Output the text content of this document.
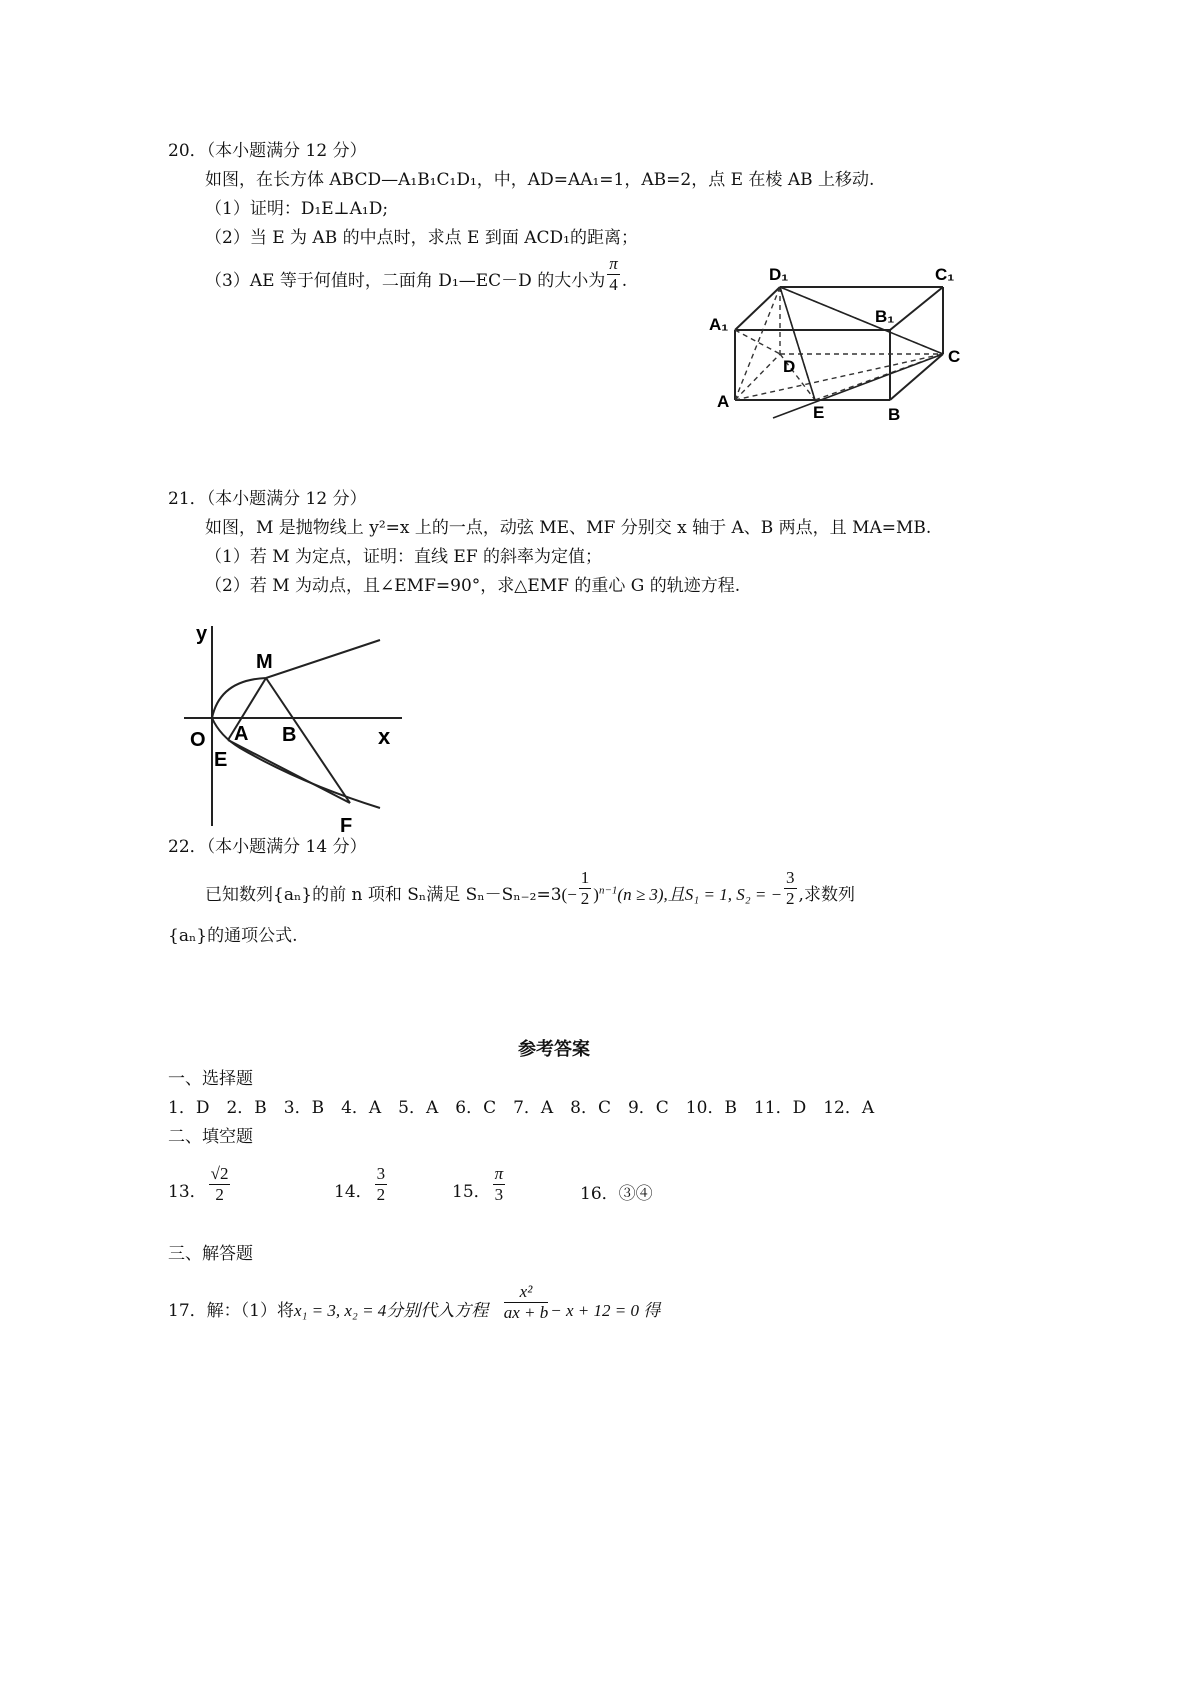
20．（本小题满分 12 分）
如图，在长方体 ABCD—A₁B₁C₁D₁，中，AD=AA₁=1，AB=2，点 E 在棱 AB 上移动.
（1）证明：D₁E⊥A₁D;
（2）当 E 为 AB 的中点时，求点 E 到面 ACD₁的距离；
（3）AE 等于何值时，二面角 D₁—EC－D 的大小为 $\frac{\pi}{4}$ .	D₁	C₁
A₁	B₁
D
C
A
E	B
21．（本小题满分 12 分）
如图，M 是抛物线上 y²=x 上的一点，动弦 ME、MF 分别交 x 轴于 A、B 两点，且 MA=MB.
（1）若 M 为定点，证明：直线 EF 的斜率为定值；
（2）若 M 为动点，且∠EMF=90°，求△EMF 的重心 G 的轨迹方程.
y
M
O A B	x
E
F
22．（本小题满分 14 分）
已知数列{aₙ}的前 n 项和 Sₙ满足 $S_n-S_{n-2}=3(- \frac{1}{2} )^{n-1}(n \ge 3)$,且S₁ = 1, S₂ = − $\frac{3}{2}$ ,求数列
{aₙ}的通项公式.
参考答案
一、选择题
1．D　2．B　3．B　4．A　5．A　6．C　7．A　8．C　9．C　10．B　11．D　12．A
二、填空题
13． $\frac{√2}{2}$	14． $\frac{3}{2}$	15． $\frac{\pi}{3}$	16．③④
三、解答题
17．解：（1）将x₁ = 3, x₂ = 4分别代入方程 $\frac{\text{x²}}{ax + b} - x + 12 = 0$ 得
